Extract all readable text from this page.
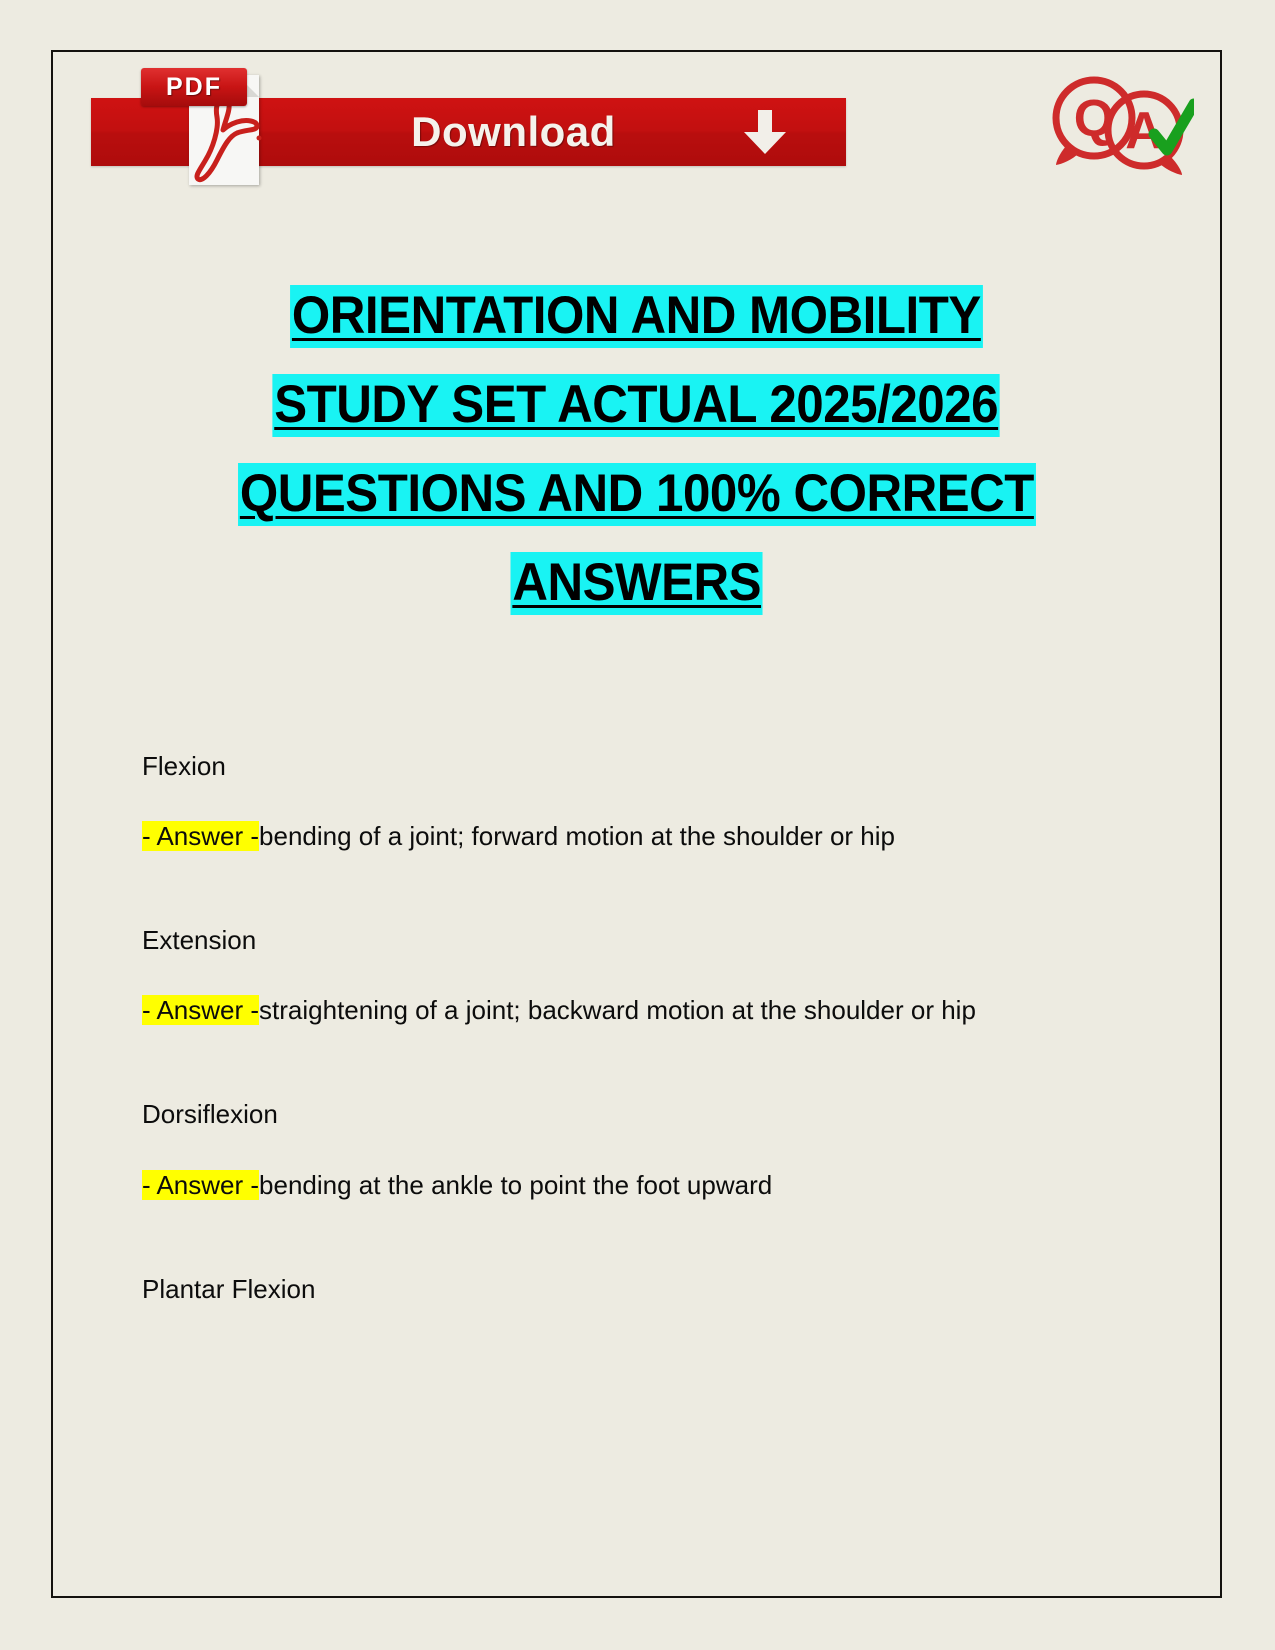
Download
PDF
Q A
ORIENTATION AND MOBILITY
STUDY SET ACTUAL 2025/2026
QUESTIONS AND 100% CORRECT
ANSWERS

Flexion

- Answer -bending of a joint; forward motion at the shoulder or hip

Extension

- Answer -straightening of a joint; backward motion at the shoulder or hip

Dorsiflexion

- Answer -bending at the ankle to point the foot upward

Plantar Flexion
